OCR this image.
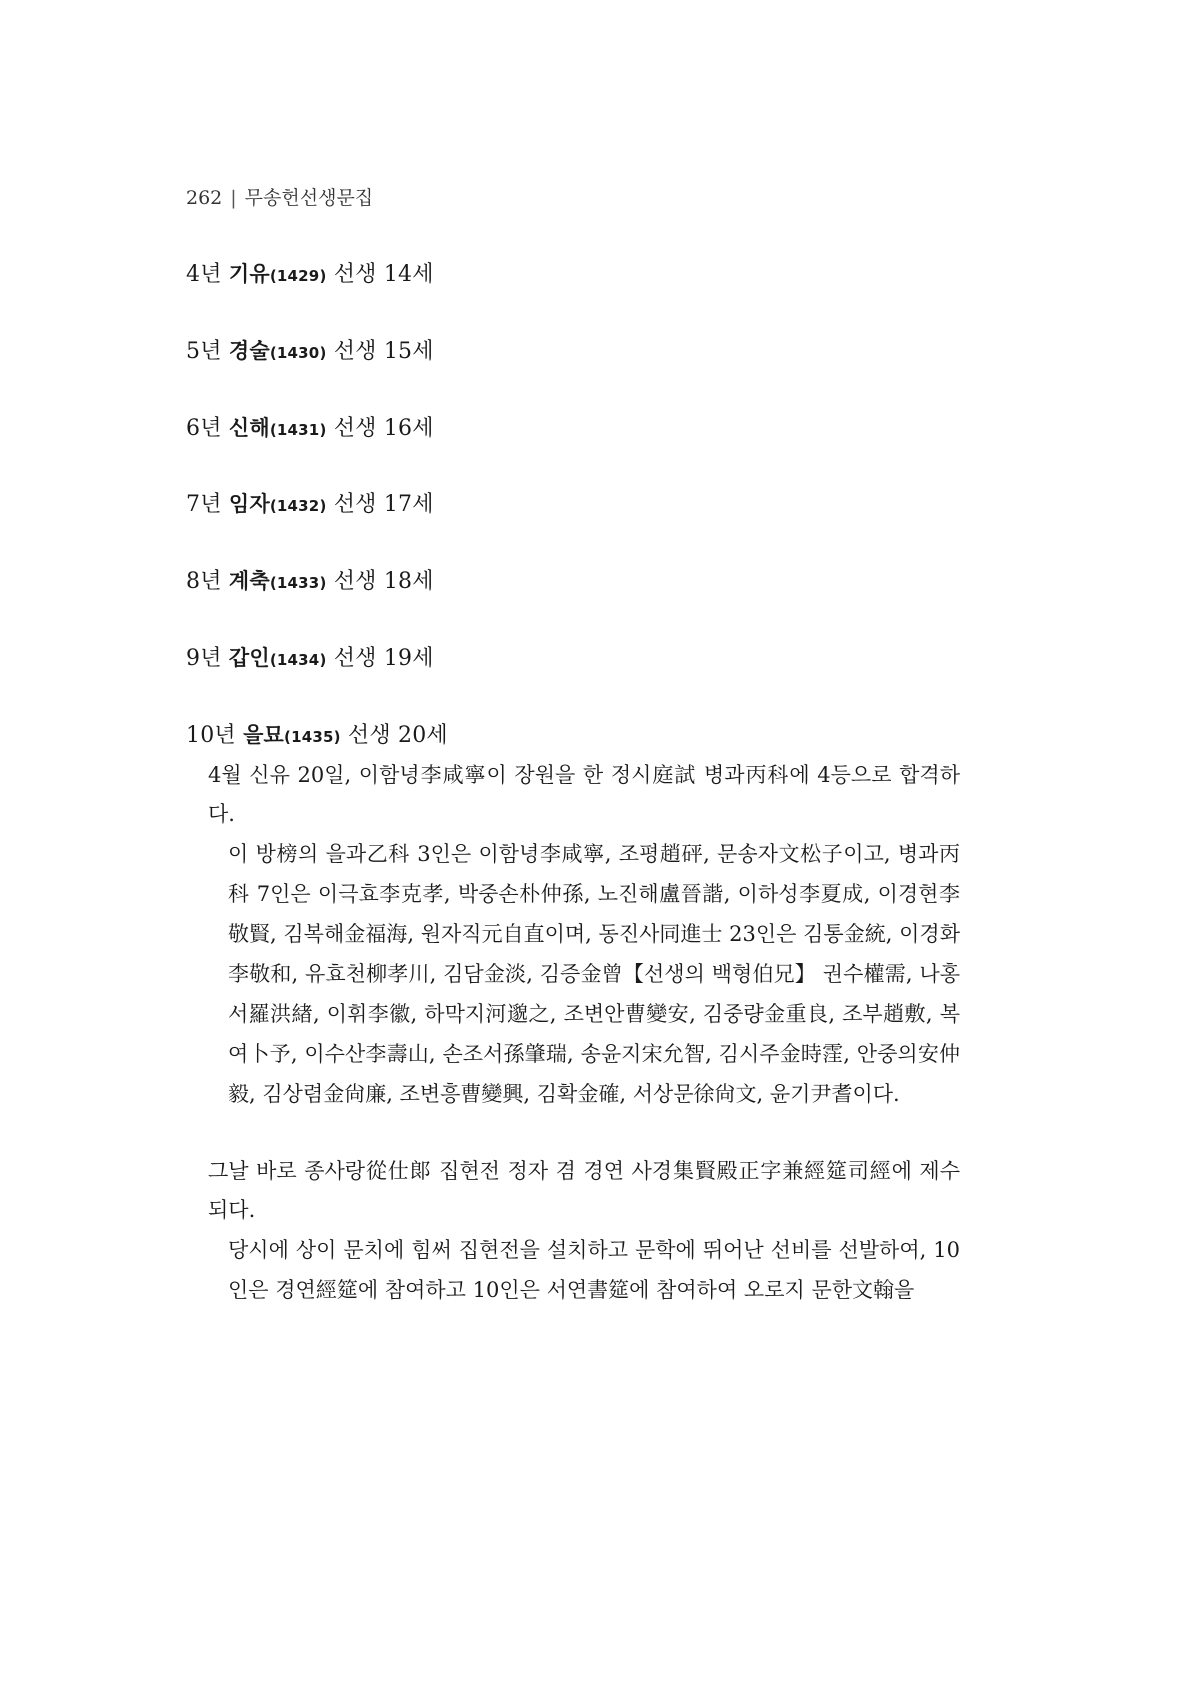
262 | 무송헌선생문집
4년 기유(1429) 선생 14세
5년 경술(1430) 선생 15세
6년 신해(1431) 선생 16세
7년 임자(1432) 선생 17세
8년 계축(1433) 선생 18세
9년 갑인(1434) 선생 19세
10년 을묘(1435) 선생 20세

4월 신유 20일, 이함녕李咸寧이 장원을 한 정시庭試 병과丙科에 4등으로 합격하다.

이 방榜의 을과乙科 3인은 이함녕李咸寧, 조평趙砰, 문송자文松子이고, 병과丙科 7인은 이극효李克孝, 박중손朴仲孫, 노진해盧晉諧, 이하성李夏成, 이경현李敬賢, 김복해金福海, 원자직元自直이며, 동진사同進士 23인은 김통金統, 이경화李敬和, 유효천柳孝川, 김담金淡, 김증金曾【선생의 백형伯兄】 권수權需, 나홍서羅洪緖, 이휘李徽, 하막지河邈之, 조변안曹變安, 김중량金重良, 조부趙敷, 복여卜予, 이수산李壽山, 손조서孫肇瑞, 송윤지宋允智, 김시주金時霔, 안중의安仲毅, 김상렴金尙廉, 조변흥曹變興, 김확金確, 서상문徐尙文, 윤기尹耆이다.

그날 바로 종사랑從仕郞 집현전 정자 겸 경연 사경集賢殿正字兼經筵司經에 제수되다.

당시에 상이 문치에 힘써 집현전을 설치하고 문학에 뛰어난 선비를 선발하여, 10인은 경연經筵에 참여하고 10인은 서연書筵에 참여하여 오로지 문한文翰을
